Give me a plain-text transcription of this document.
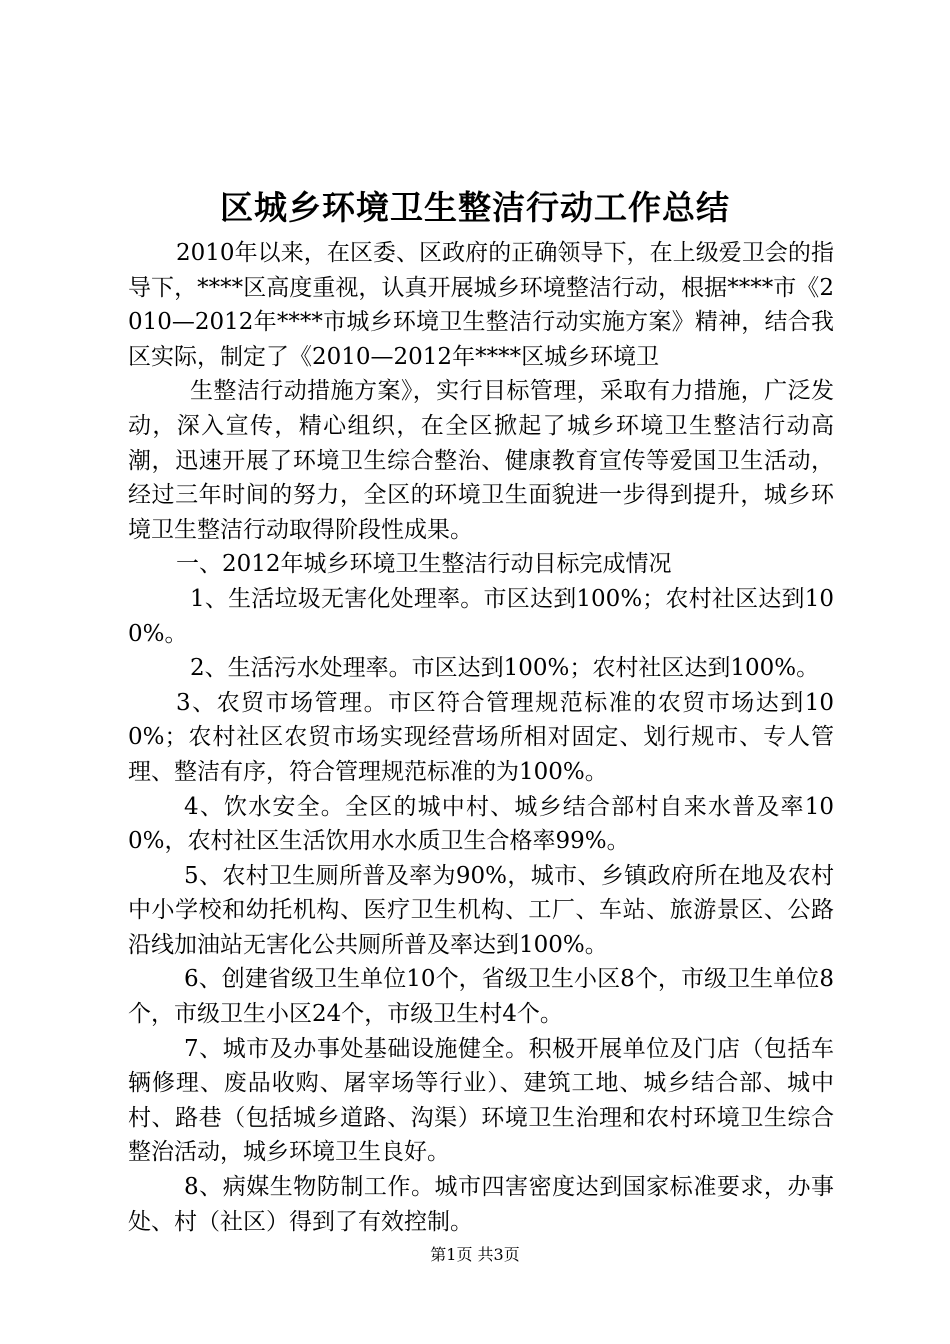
区城乡环境卫生整洁行动工作总结

2010年以来，在区委、区政府的正确领导下，在上级爱卫会的指导下，****区高度重视，认真开展城乡环境整洁行动，根据****市《2010—2012年****市城乡环境卫生整洁行动实施方案》精神，结合我区实际，制定了《2010—2012年****区城乡环境卫

生整洁行动措施方案》，实行目标管理，采取有力措施，广泛发动，深入宣传，精心组织，在全区掀起了城乡环境卫生整洁行动高潮，迅速开展了环境卫生综合整治、健康教育宣传等爱国卫生活动，经过三年时间的努力，全区的环境卫生面貌进一步得到提升，城乡环境卫生整洁行动取得阶段性成果。

一、2012年城乡环境卫生整洁行动目标完成情况

1、生活垃圾无害化处理率。市区达到100%；农村社区达到100%。

2、生活污水处理率。市区达到100%；农村社区达到100%。

3、农贸市场管理。市区符合管理规范标准的农贸市场达到100%；农村社区农贸市场实现经营场所相对固定、划行规市、专人管理、整洁有序，符合管理规范标准的为100%。

4、饮水安全。全区的城中村、城乡结合部村自来水普及率100%，农村社区生活饮用水水质卫生合格率99%。

5、农村卫生厕所普及率为90%，城市、乡镇政府所在地及农村中小学校和幼托机构、医疗卫生机构、工厂、车站、旅游景区、公路沿线加油站无害化公共厕所普及率达到100%。

6、创建省级卫生单位10个，省级卫生小区8个，市级卫生单位8个，市级卫生小区24个，市级卫生村4个。

7、城市及办事处基础设施健全。积极开展单位及门店（包括车辆修理、废品收购、屠宰场等行业）、建筑工地、城乡结合部、城中村、路巷（包括城乡道路、沟渠）环境卫生治理和农村环境卫生综合整治活动，城乡环境卫生良好。

8、病媒生物防制工作。城市四害密度达到国家标准要求，办事处、村（社区）得到了有效控制。

第1页 共3页
